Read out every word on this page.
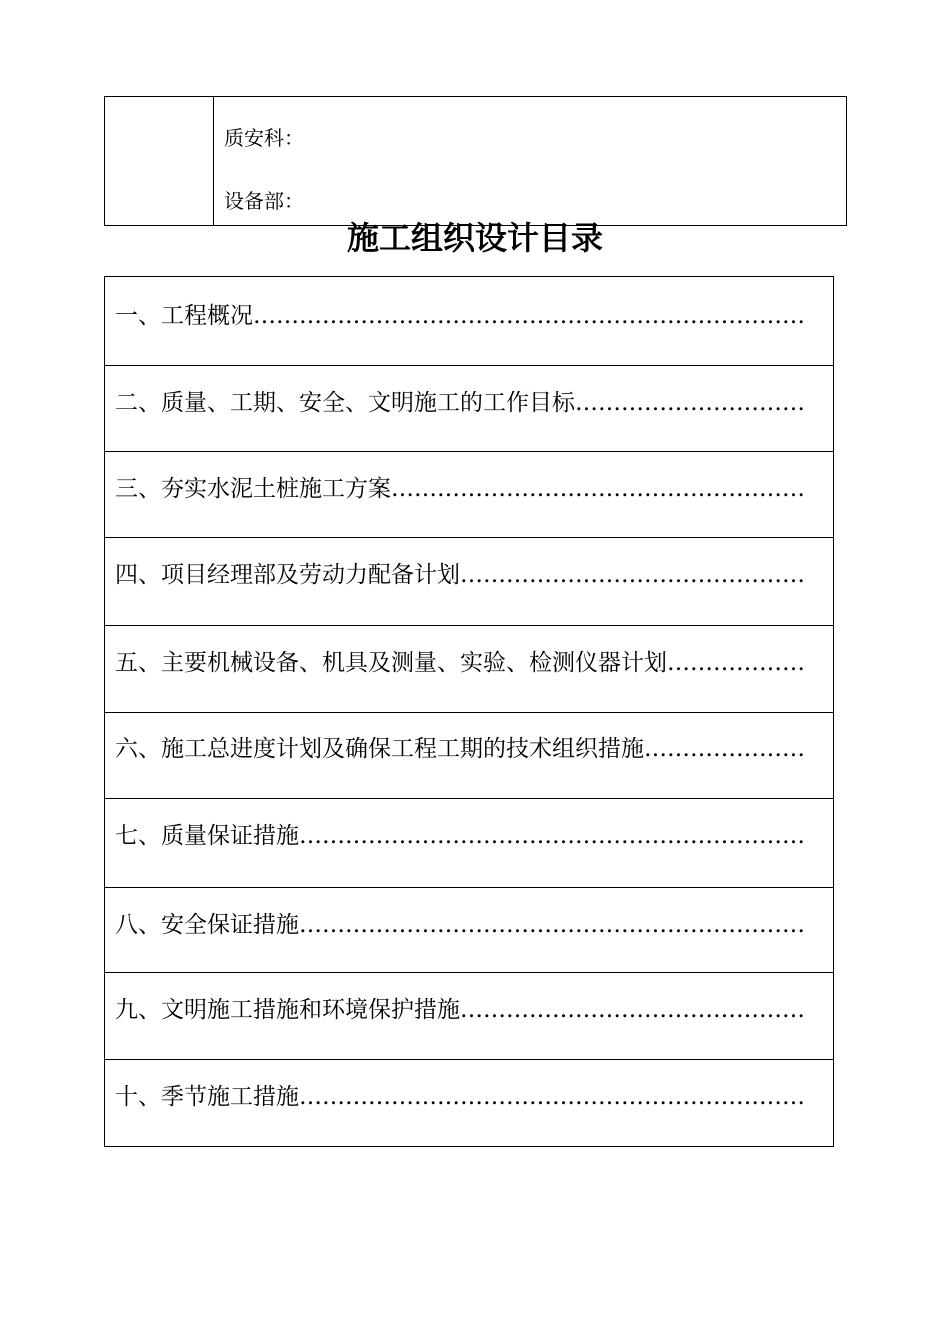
质安科：
设备部：
施工组织设计目录
一、工程概况 …………………………………………………………………………………………
二、质量、工期、安全、文明施工的工作目标 …………………………………………………………………………………………
三、夯实水泥土桩施工方案 …………………………………………………………………………………………
四、项目经理部及劳动力配备计划 …………………………………………………………………………………………
五、主要机械设备、机具及测量、实验、检测仪器计划 …………………………………………………………………………………………
六、施工总进度计划及确保工程工期的技术组织措施 …………………………………………………………………………………………
七、质量保证措施 …………………………………………………………………………………………
八、安全保证措施 …………………………………………………………………………………………
九、文明施工措施和环境保护措施 …………………………………………………………………………………………
十、季节施工措施 …………………………………………………………………………………………
